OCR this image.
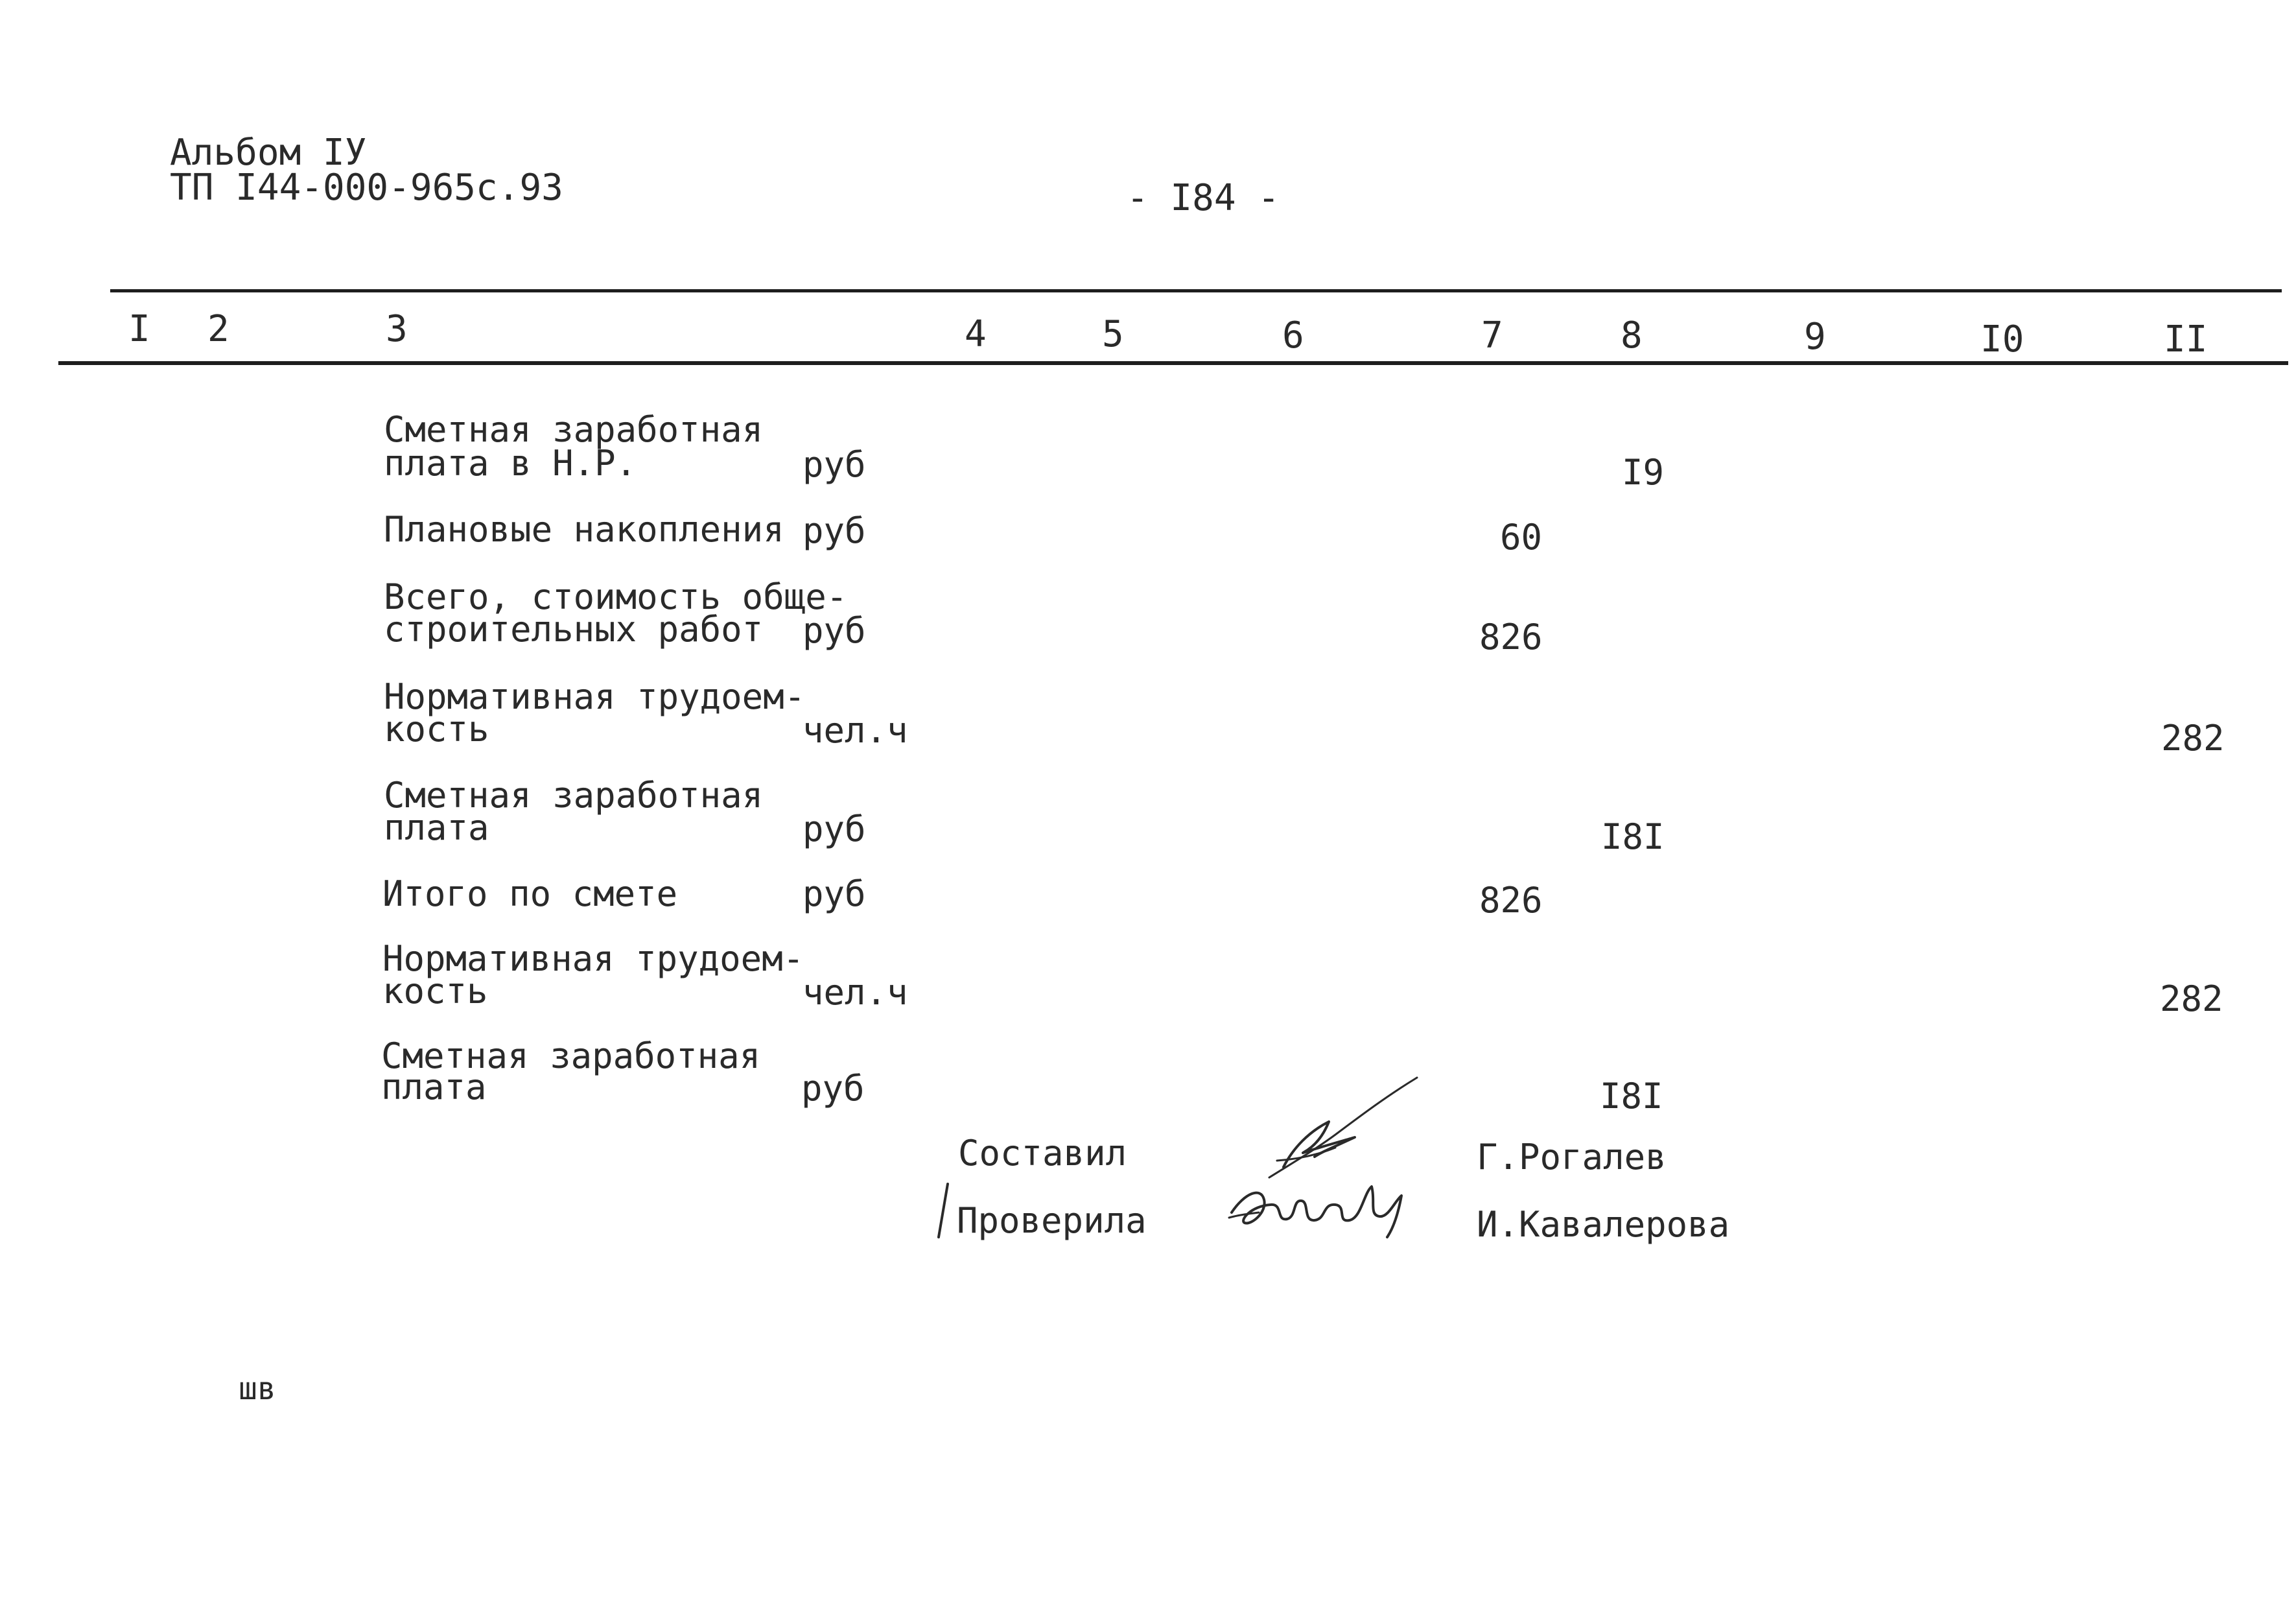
Альбом IУ
ТП I44-000-965с.93	- I84 -
I 2	3	4	5	6	7	8	9	I0	II
Сметная заработная
плата в Н.Р.	руб	I9
Плановые накопления руб	60
Всего, стоимость обще-
строительных работ руб	826
Нормативная трудоем-
кость	чел.ч	282
Сметная заработная
плата	руб	I8I
Итого по смете	руб	826
Нормативная трудоем-
кость	чел.ч	282
Сметная заработная
плата	руб	I8I
Составил	Г.Рогалев
Проверила	И.Кавалерова
шв
